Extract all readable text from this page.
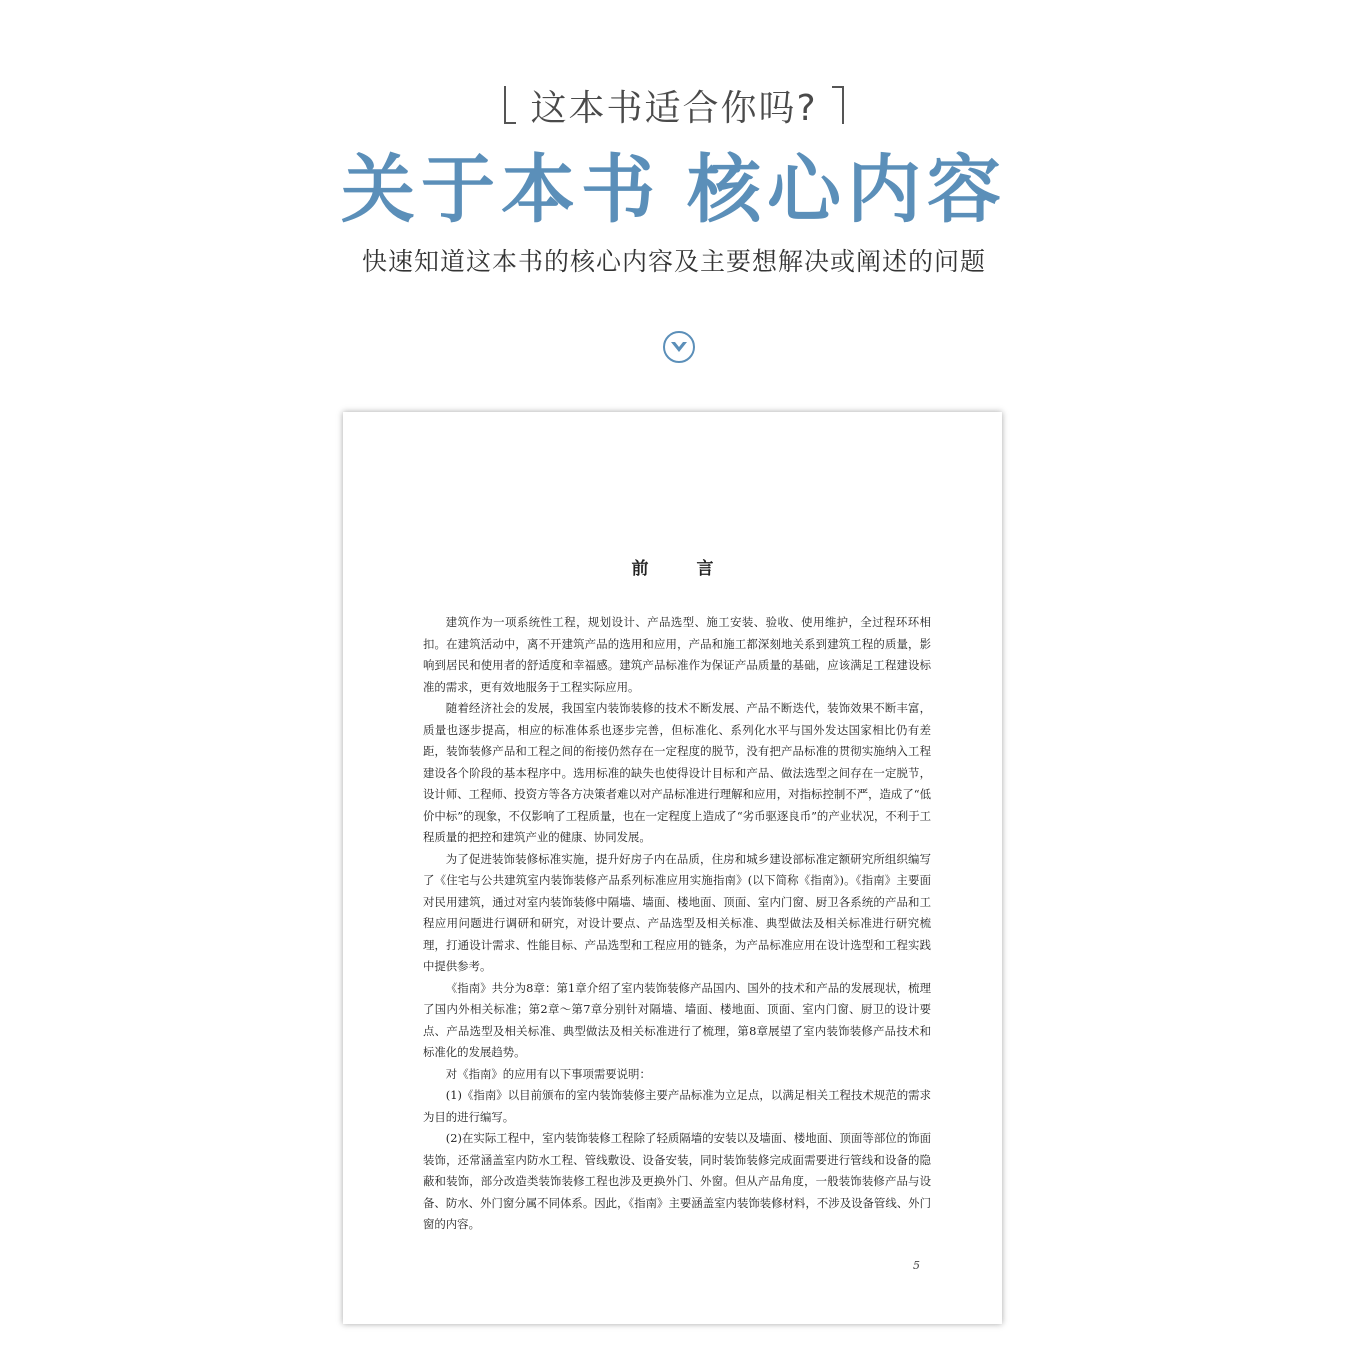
这本书适合你吗?
关于本书 核心内容
快速知道这本书的核心内容及主要想解决或阐述的问题
前	言

建筑作为一项系统性工程，规划设计、产品选型、施工安装、验收、使用维护，全过程环环相扣。在建筑活动中，离不开建筑产品的选用和应用，产品和施工都深刻地关系到建筑工程的质量，影响到居民和使用者的舒适度和幸福感。建筑产品标准作为保证产品质量的基础，应该满足工程建设标准的需求，更有效地服务于工程实际应用。

随着经济社会的发展，我国室内装饰装修的技术不断发展、产品不断迭代，装饰效果不断丰富，质量也逐步提高，相应的标准体系也逐步完善，但标准化、系列化水平与国外发达国家相比仍有差距，装饰装修产品和工程之间的衔接仍然存在一定程度的脱节，没有把产品标准的贯彻实施纳入工程建设各个阶段的基本程序中。选用标准的缺失也使得设计目标和产品、做法选型之间存在一定脱节，设计师、工程师、投资方等各方决策者难以对产品标准进行理解和应用，对指标控制不严，造成了“低价中标”的现象，不仅影响了工程质量，也在一定程度上造成了“劣币驱逐良币”的产业状况，不利于工程质量的把控和建筑产业的健康、协同发展。

为了促进装饰装修标准实施，提升好房子内在品质，住房和城乡建设部标准定额研究所组织编写了《住宅与公共建筑室内装饰装修产品系列标准应用实施指南》(以下简称《指南》)。《指南》主要面对民用建筑，通过对室内装饰装修中隔墙、墙面、楼地面、顶面、室内门窗、厨卫各系统的产品和工程应用问题进行调研和研究，对设计要点、产品选型及相关标准、典型做法及相关标准进行研究梳理，打通设计需求、性能目标、产品选型和工程应用的链条，为产品标准应用在设计选型和工程实践中提供参考。

《指南》共分为8章：第1章介绍了室内装饰装修产品国内、国外的技术和产品的发展现状，梳理了国内外相关标准；第2章～第7章分别针对隔墙、墙面、楼地面、顶面、室内门窗、厨卫的设计要点、产品选型及相关标准、典型做法及相关标准进行了梳理，第8章展望了室内装饰装修产品技术和标准化的发展趋势。

对《指南》的应用有以下事项需要说明：

(1)《指南》以目前颁布的室内装饰装修主要产品标准为立足点，以满足相关工程技术规范的需求为目的进行编写。

(2)在实际工程中，室内装饰装修工程除了轻质隔墙的安装以及墙面、楼地面、顶面等部位的饰面装饰，还常涵盖室内防水工程、管线敷设、设备安装，同时装饰装修完成面需要进行管线和设备的隐蔽和装饰，部分改造类装饰装修工程也涉及更换外门、外窗。但从产品角度，一般装饰装修产品与设备、防水、外门窗分属不同体系。因此，《指南》主要涵盖室内装饰装修材料，不涉及设备管线、外门窗的内容。

5
